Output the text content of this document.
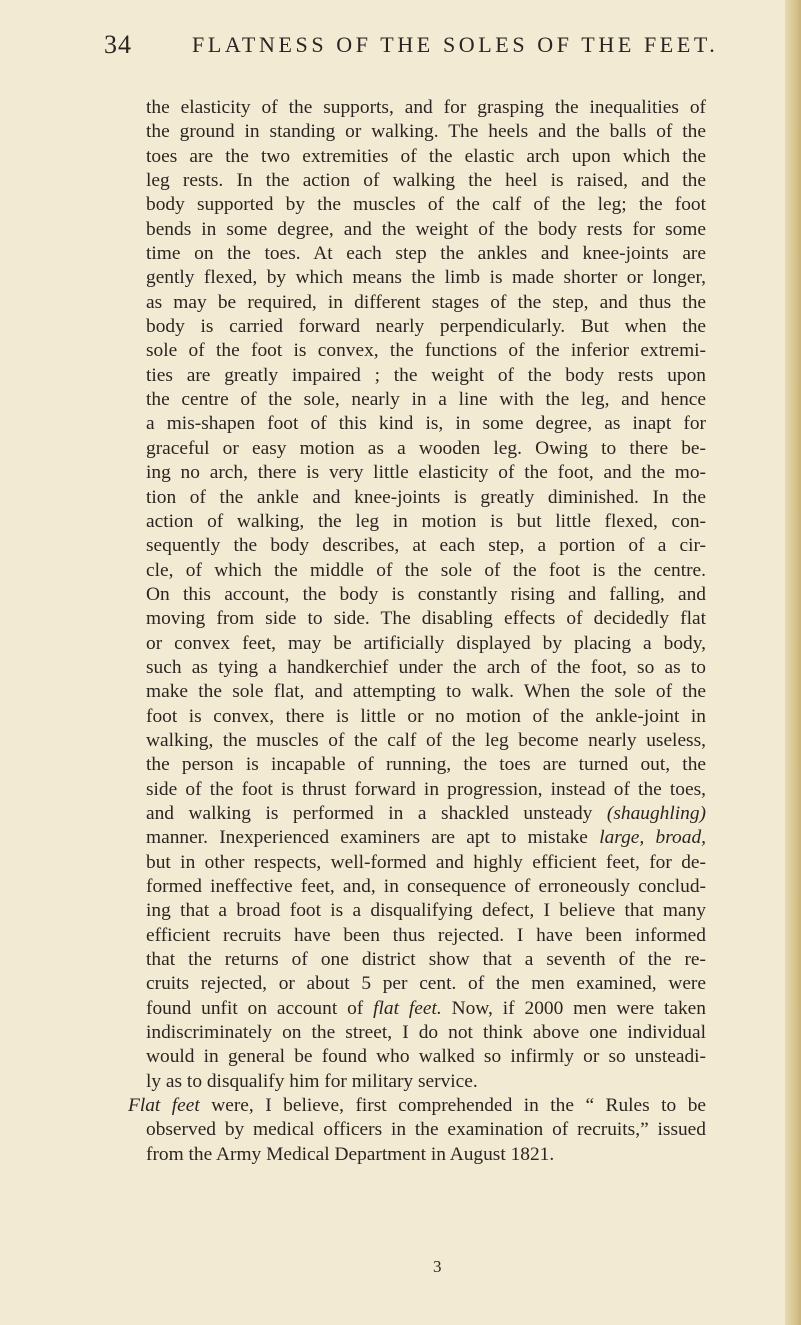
34	FLATNESS OF THE SOLES OF THE FEET.
the elasticity of the supports, and for grasping the inequalities of
the ground in standing or walking. The heels and the balls of the
toes are the two extremities of the elastic arch upon which the
leg rests. In the action of walking the heel is raised, and the
body supported by the muscles of the calf of the leg; the foot
bends in some degree, and the weight of the body rests for some
time on the toes. At each step the ankles and knee-joints are
gently flexed, by which means the limb is made shorter or longer,
as may be required, in different stages of the step, and thus the
body is carried forward nearly perpendicularly. But when the
sole of the foot is convex, the functions of the inferior extremi-
ties are greatly impaired ; the weight of the body rests upon
the centre of the sole, nearly in a line with the leg, and hence
a mis-shapen foot of this kind is, in some degree, as inapt for
graceful or easy motion as a wooden leg. Owing to there be-
ing no arch, there is very little elasticity of the foot, and the mo-
tion of the ankle and knee-joints is greatly diminished. In the
action of walking, the leg in motion is but little flexed, con-
sequently the body describes, at each step, a portion of a cir-
cle, of which the middle of the sole of the foot is the centre.
On this account, the body is constantly rising and falling, and
moving from side to side. The disabling effects of decidedly flat
or convex feet, may be artificially displayed by placing a body,
such as tying a handkerchief under the arch of the foot, so as to
make the sole flat, and attempting to walk. When the sole of the
foot is convex, there is little or no motion of the ankle-joint in
walking, the muscles of the calf of the leg become nearly useless,
the person is incapable of running, the toes are turned out, the
side of the foot is thrust forward in progression, instead of the toes,
and walking is performed in a shackled unsteady (shaughling)
manner. Inexperienced examiners are apt to mistake large, broad,
but in other respects, well-formed and highly efficient feet, for de-
formed ineffective feet, and, in consequence of erroneously conclud-
ing that a broad foot is a disqualifying defect, I believe that many
efficient recruits have been thus rejected. I have been informed
that the returns of one district show that a seventh of the re-
cruits rejected, or about 5 per cent. of the men examined, were
found unfit on account of flat feet. Now, if 2000 men were taken
indiscriminately on the street, I do not think above one individual
would in general be found who walked so infirmly or so unsteadi-
ly as to disqualify him for military service.
Flat feet were, I believe, first comprehended in the “ Rules to be
observed by medical officers in the examination of recruits,” issued
from the Army Medical Department in August 1821.
3
